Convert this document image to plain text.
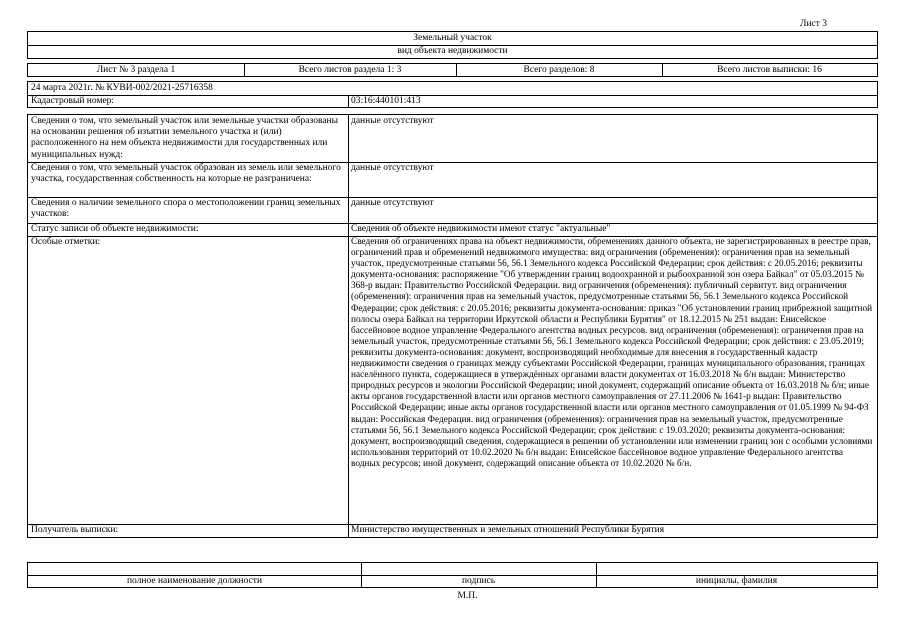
Лист 3
Земельный участок
вид объекта недвижимости
Лист № 3 раздела 1	Всего листов раздела 1: 3	Всего разделов: 8	Всего листов выписки: 16
24 марта 2021г. № КУВИ-002/2021-25716358
Кадастровый номер:	03:16:440101:413
Сведения о том, что земельный участок или земельные участки образованы на основании решения об изъятии земельного участка и (или) расположенного на нем объекта недвижимости для государственных или муниципальных нужд:
данные отсутствуют
Сведения о том, что земельный участок образован из земель или земельного участка, государственная собственность на которые не разграничена:
данные отсутствуют
Сведения о наличии земельного спора о местоположении границ земельных участков:
данные отсутствуют
Статус записи об объекте недвижимости:	Сведения об объекте недвижимости имеют статус "актуальные"
Особые отметки:	Сведения об ограничениях права на объект недвижимости, обременениях данного объекта, не зарегистрированных в реестре прав, ограничений прав и обременений недвижимого имущества: вид ограничения (обременения): ограничения прав на земельный участок, предусмотренные статьями 56, 56.1 Земельного кодекса Российской Федерации; срок действия: с 20.05.2016; реквизиты документа-основания: распоряжение "Об утверждении границ водоохранной и рыбоохранной зон озера Байкал" от 05.03.2015 № 368-р выдан: Правительство Российской Федерации. вид ограничения (обременения): публичный сервитут. вид ограничения (обременения): ограничения прав на земельный участок, предусмотренные статьями 56, 56.1 Земельного кодекса Российской Федерации; срок действия: с 20.05.2016; реквизиты документа-основания: приказ "Об установлении границ прибрежной защитной полосы озера Байкал на территории Иркутской области и Республики Бурятия" от 18.12.2015 № 251 выдан: Енисейское бассейновое водное управление Федерального агентства водных ресурсов. вид ограничения (обременения): ограничения прав на земельный участок, предусмотренные статьями 56, 56.1 Земельного кодекса Российской Федерации; срок действия: с 23.05.2019; реквизиты документа-основания: документ, воспроизводящий необходимые для внесения в государственный кадастр недвижимости сведения о границах между субъектами Российской Федерации, границах муниципального образования, границах населённого пункта, содержащиеся в утверждённых органами власти документах от 16.03.2018 № б/н выдан: Министерство природных ресурсов и экологии Российской Федерации; иной документ, содержащий описание объекта от 16.03.2018 № б/н; иные акты органов государственной власти или органов местного самоуправления от 27.11.2006 № 1641-р выдан: Правительство Российской Федерации; иные акты органов государственной власти или органов местного самоуправления от 01.05.1999 № 94-ФЗ выдан: Российская Федерация. вид ограничения (обременения): ограничения прав на земельный участок, предусмотренные статьями 56, 56.1 Земельного кодекса Российской Федерации; срок действия: с 19.03.2020; реквизиты документа-основания: документ, воспроизводящий сведения, содержащиеся в решении об установлении или изменении границ зон с особыми условиями использования территорий от 10.02.2020 № б/н выдан: Енисейское бассейновое водное управление Федерального агентства водных ресурсов; иной документ, содержащий описание объекта от 10.02.2020 № б/н.
Получатель выписки:	Министерство имущественных и земельных отношений Республики Бурятия
полное наименование должности	подпись	инициалы, фамилия
М.П.
